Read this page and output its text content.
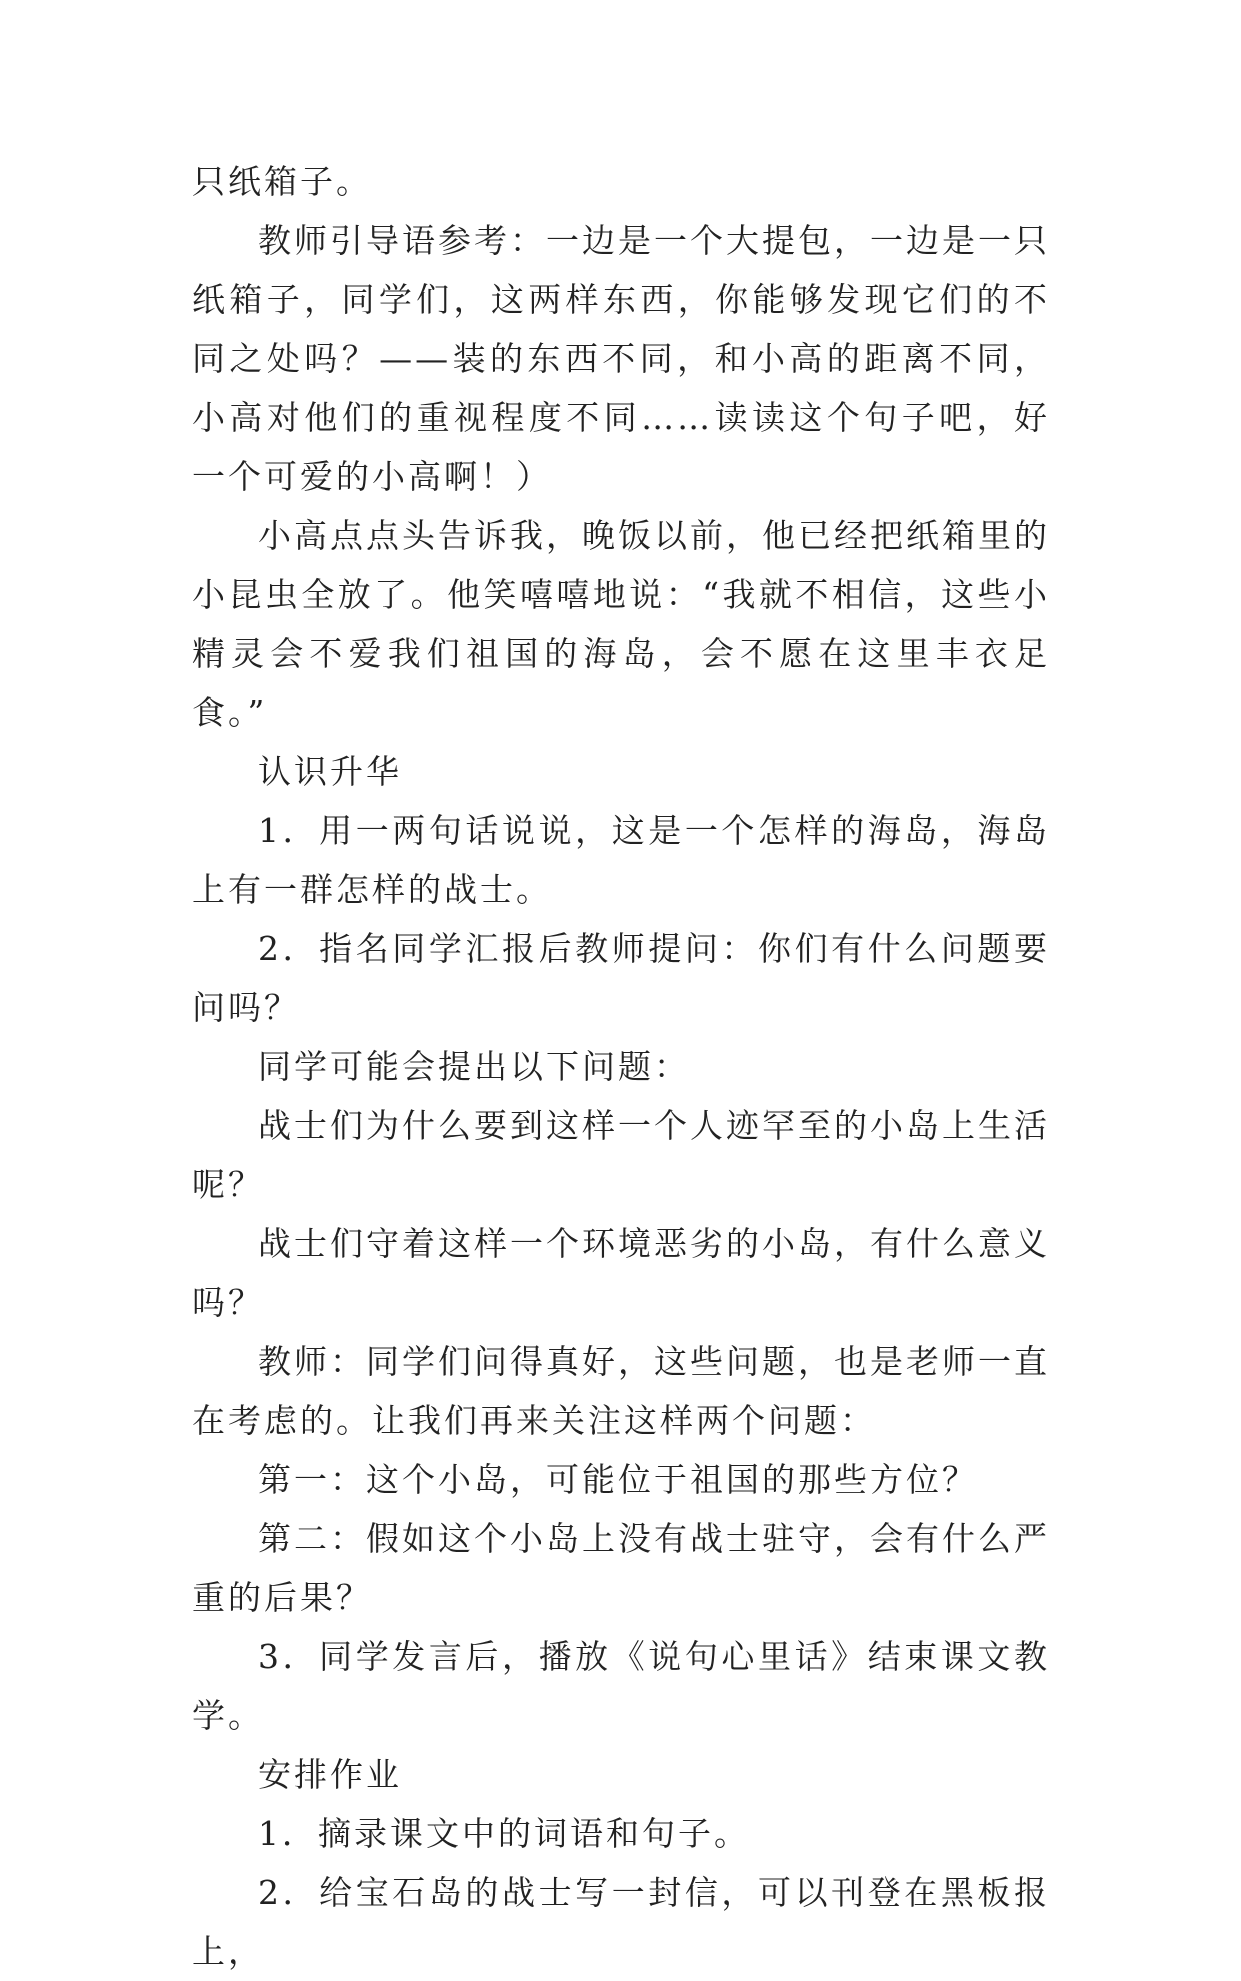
只纸箱子。

教师引导语参考：一边是一个大提包，一边是一只纸箱子，同学们，这两样东西，你能够发现它们的不同之处吗？——装的东西不同，和小高的距离不同，小高对他们的重视程度不同……读读这个句子吧，好一个可爱的小高啊！）

小高点点头告诉我，晚饭以前，他已经把纸箱里的小昆虫全放了。他笑嘻嘻地说：“我就不相信，这些小精灵会不爱我们祖国的海岛，会不愿在这里丰衣足食。”

认识升华

1．用一两句话说说，这是一个怎样的海岛，海岛上有一群怎样的战士。

2．指名同学汇报后教师提问：你们有什么问题要问吗？

同学可能会提出以下问题：

战士们为什么要到这样一个人迹罕至的小岛上生活呢？

战士们守着这样一个环境恶劣的小岛，有什么意义吗？

教师：同学们问得真好，这些问题，也是老师一直在考虑的。让我们再来关注这样两个问题：

第一：这个小岛，可能位于祖国的那些方位？

第二：假如这个小岛上没有战士驻守，会有什么严重的后果？

3．同学发言后，播放《说句心里话》结束课文教学。

安排作业

1．摘录课文中的词语和句子。

2．给宝石岛的战士写一封信，可以刊登在黑板报上，
